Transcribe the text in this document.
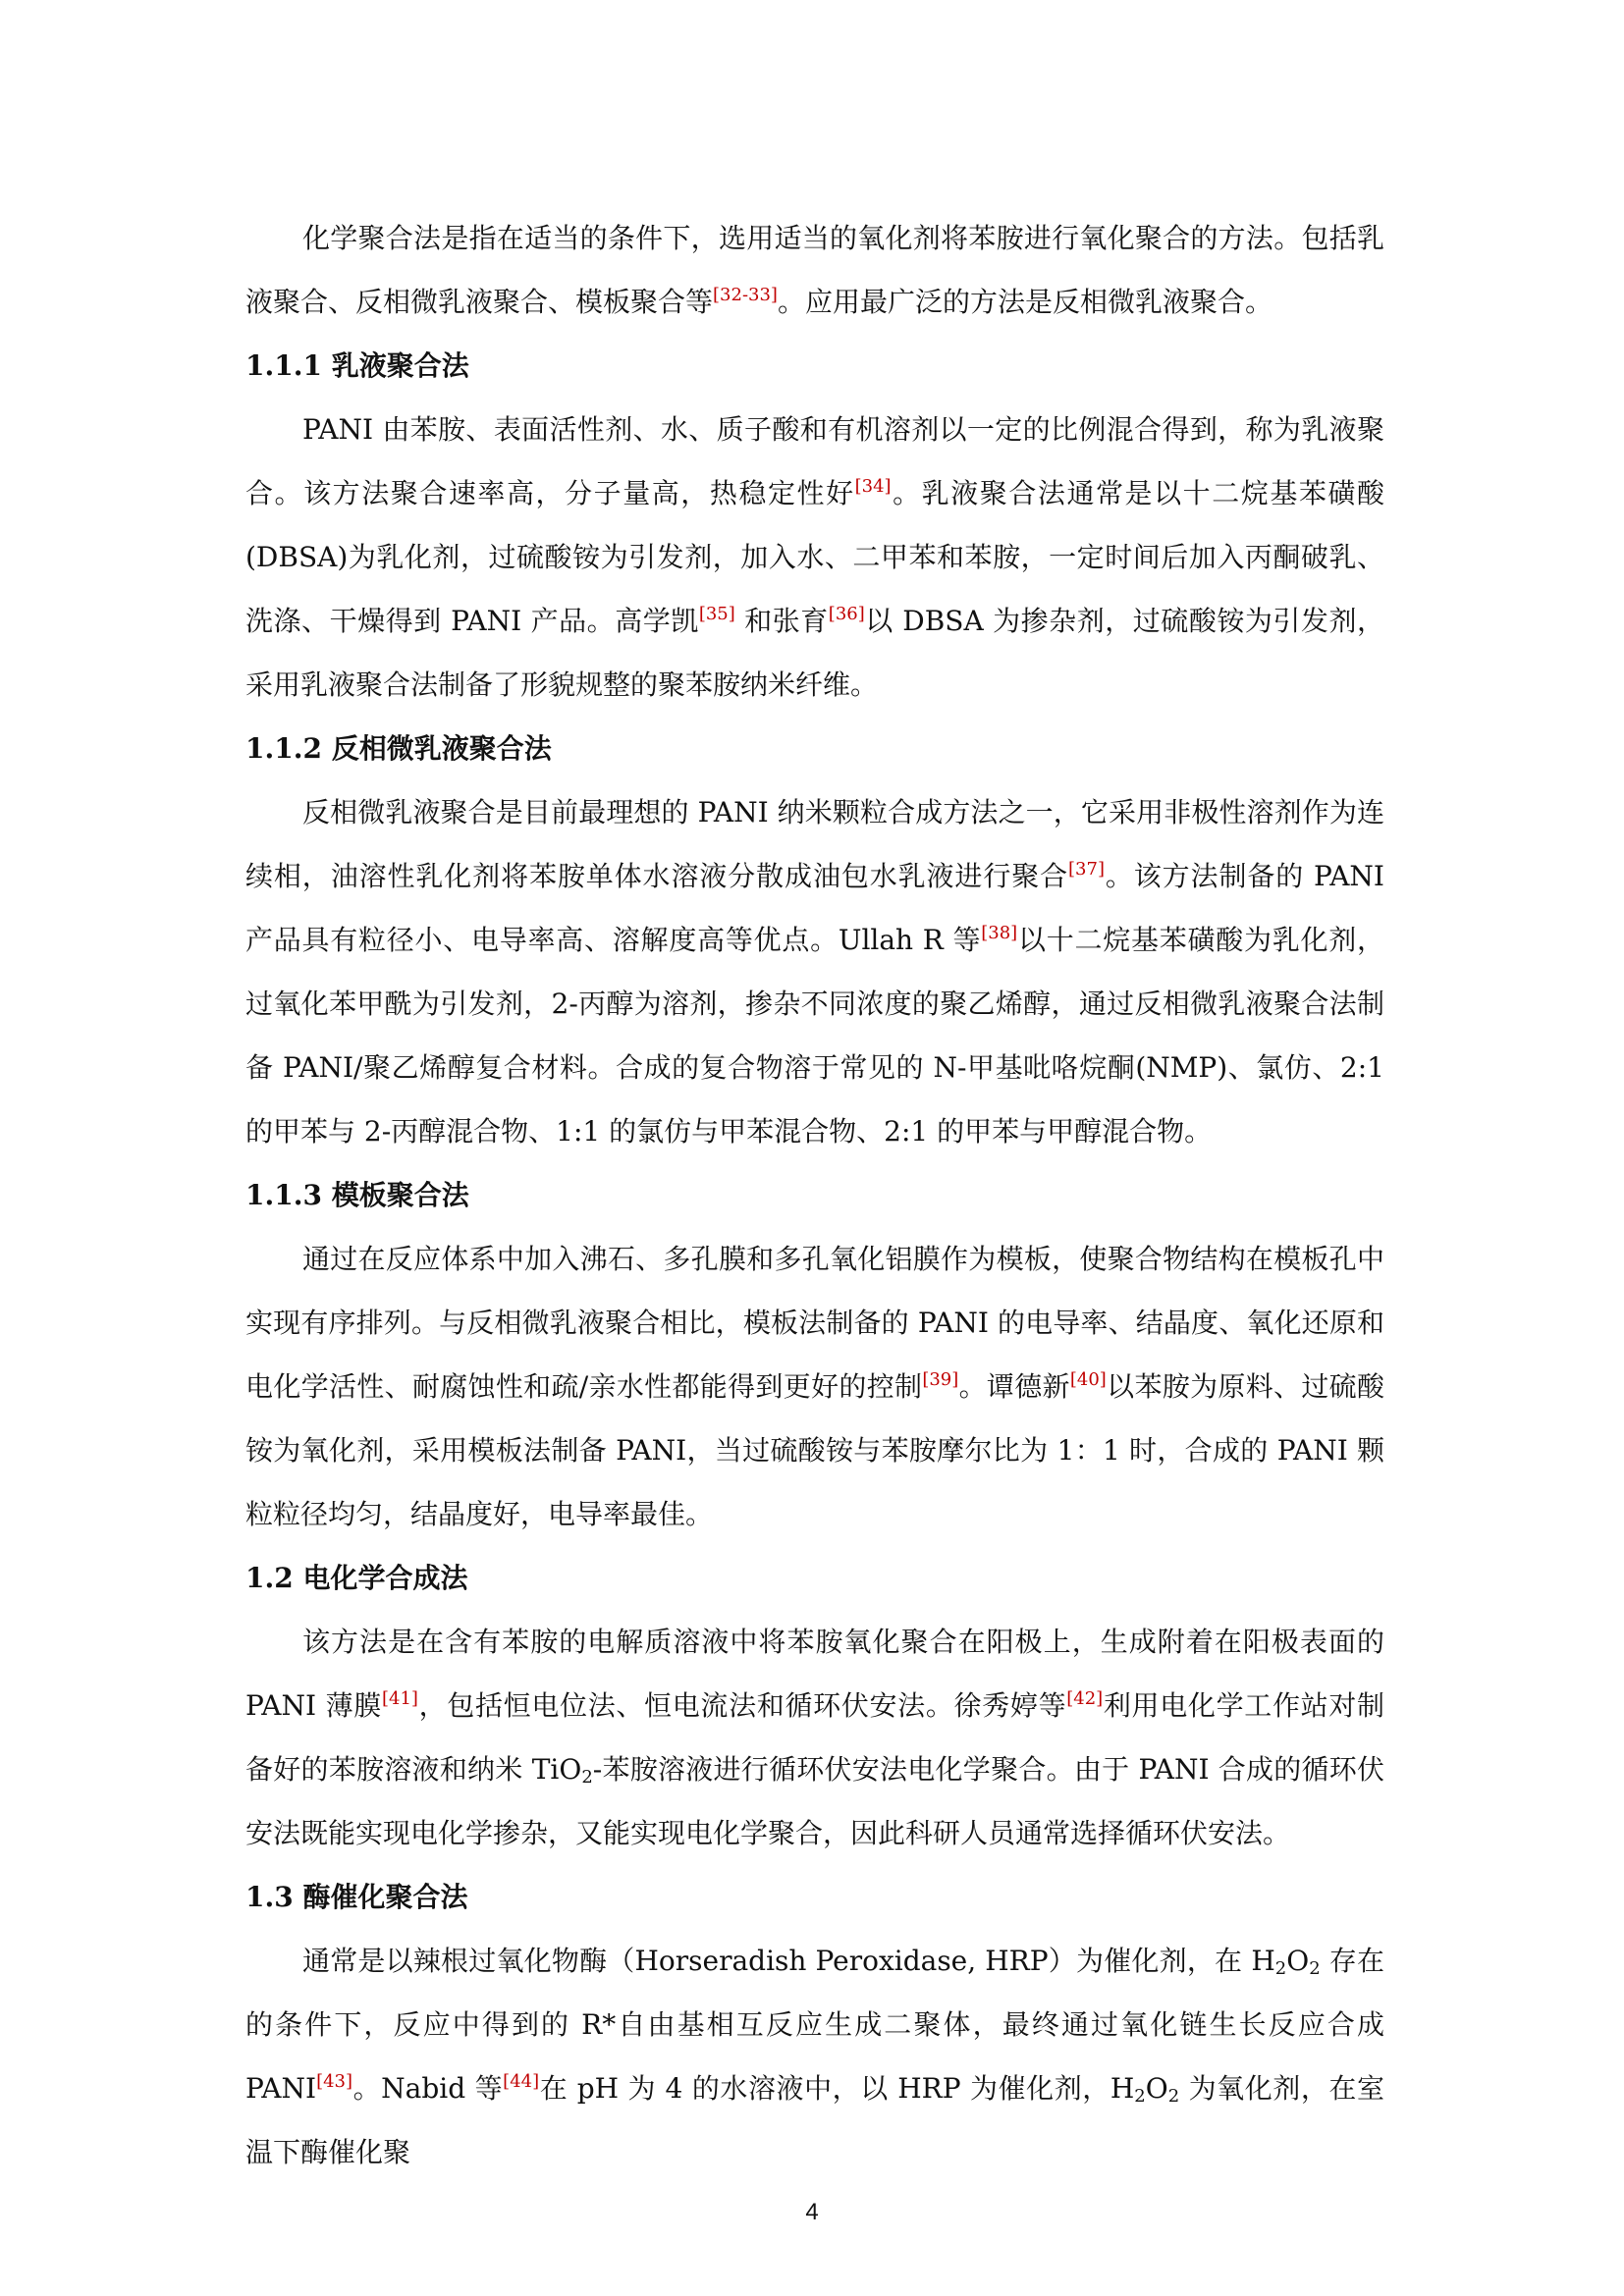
化学聚合法是指在适当的条件下，选用适当的氧化剂将苯胺进行氧化聚合的方法。包括乳液聚合、反相微乳液聚合、模板聚合等[32-33]。应用最广泛的方法是反相微乳液聚合。

1.1.1 乳液聚合法

PANI 由苯胺、表面活性剂、水、质子酸和有机溶剂以一定的比例混合得到，称为乳液聚合。该方法聚合速率高，分子量高，热稳定性好[34]。乳液聚合法通常是以十二烷基苯磺酸(DBSA)为乳化剂，过硫酸铵为引发剂，加入水、二甲苯和苯胺，一定时间后加入丙酮破乳、洗涤、干燥得到 PANI 产品。高学凯[35] 和张育[36]以 DBSA 为掺杂剂，过硫酸铵为引发剂，采用乳液聚合法制备了形貌规整的聚苯胺纳米纤维。

1.1.2 反相微乳液聚合法

反相微乳液聚合是目前最理想的 PANI 纳米颗粒合成方法之一，它采用非极性溶剂作为连续相，油溶性乳化剂将苯胺单体水溶液分散成油包水乳液进行聚合[37]。该方法制备的 PANI 产品具有粒径小、电导率高、溶解度高等优点。Ullah R 等[38]以十二烷基苯磺酸为乳化剂，过氧化苯甲酰为引发剂，2-丙醇为溶剂，掺杂不同浓度的聚乙烯醇，通过反相微乳液聚合法制备 PANI/聚乙烯醇复合材料。合成的复合物溶于常见的 N-甲基吡咯烷酮(NMP)、氯仿、2:1 的甲苯与 2-丙醇混合物、1:1 的氯仿与甲苯混合物、2:1 的甲苯与甲醇混合物。

1.1.3 模板聚合法

通过在反应体系中加入沸石、多孔膜和多孔氧化铝膜作为模板，使聚合物结构在模板孔中实现有序排列。与反相微乳液聚合相比，模板法制备的 PANI 的电导率、结晶度、氧化还原和电化学活性、耐腐蚀性和疏/亲水性都能得到更好的控制[39]。谭德新[40]以苯胺为原料、过硫酸铵为氧化剂，采用模板法制备 PANI，当过硫酸铵与苯胺摩尔比为 1：1 时，合成的 PANI 颗粒粒径均匀，结晶度好，电导率最佳。

1.2 电化学合成法

该方法是在含有苯胺的电解质溶液中将苯胺氧化聚合在阳极上，生成附着在阳极表面的 PANI 薄膜[41]，包括恒电位法、恒电流法和循环伏安法。徐秀婷等[42]利用电化学工作站对制备好的苯胺溶液和纳米 TiO$_2$-苯胺溶液进行循环伏安法电化学聚合。由于 PANI 合成的循环伏安法既能实现电化学掺杂，又能实现电化学聚合，因此科研人员通常选择循环伏安法。

1.3 酶催化聚合法

通常是以辣根过氧化物酶（Horseradish Peroxidase, HRP）为催化剂，在 $H_2O_2$ 存在的条件下，反应中得到的 R*自由基相互反应生成二聚体，最终通过氧化链生长反应合成 PANI[43]。Nabid 等[44]在 pH 为 4 的水溶液中，以 HRP 为催化剂，$H_2O_2$ 为氧化剂，在室温下酶催化聚

4
